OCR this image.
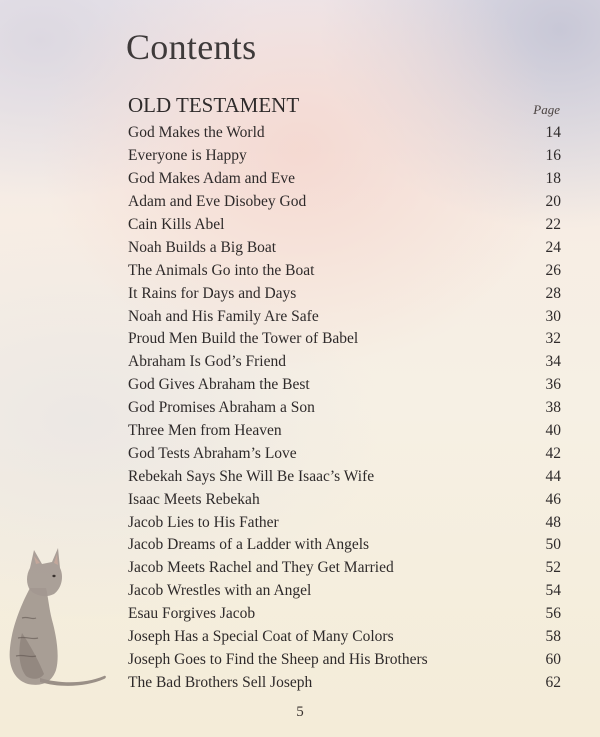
Contents
OLD TESTAMENT	Page
God Makes the World	14
Everyone is Happy	16
God Makes Adam and Eve	18
Adam and Eve Disobey God	20
Cain Kills Abel	22
Noah Builds a Big Boat	24
The Animals Go into the Boat	26
It Rains for Days and Days	28
Noah and His Family Are Safe	30
Proud Men Build the Tower of Babel	32
Abraham Is God’s Friend	34
God Gives Abraham the Best	36
God Promises Abraham a Son	38
Three Men from Heaven	40
God Tests Abraham’s Love	42
Rebekah Says She Will Be Isaac’s Wife	44
Isaac Meets Rebekah	46
Jacob Lies to His Father	48
Jacob Dreams of a Ladder with Angels	50
Jacob Meets Rachel and They Get Married	52
Jacob Wrestles with an Angel	54
Esau Forgives Jacob	56
Joseph Has a Special Coat of Many Colors	58
Joseph Goes to Find the Sheep and His Brothers	60
The Bad Brothers Sell Joseph	62
5
